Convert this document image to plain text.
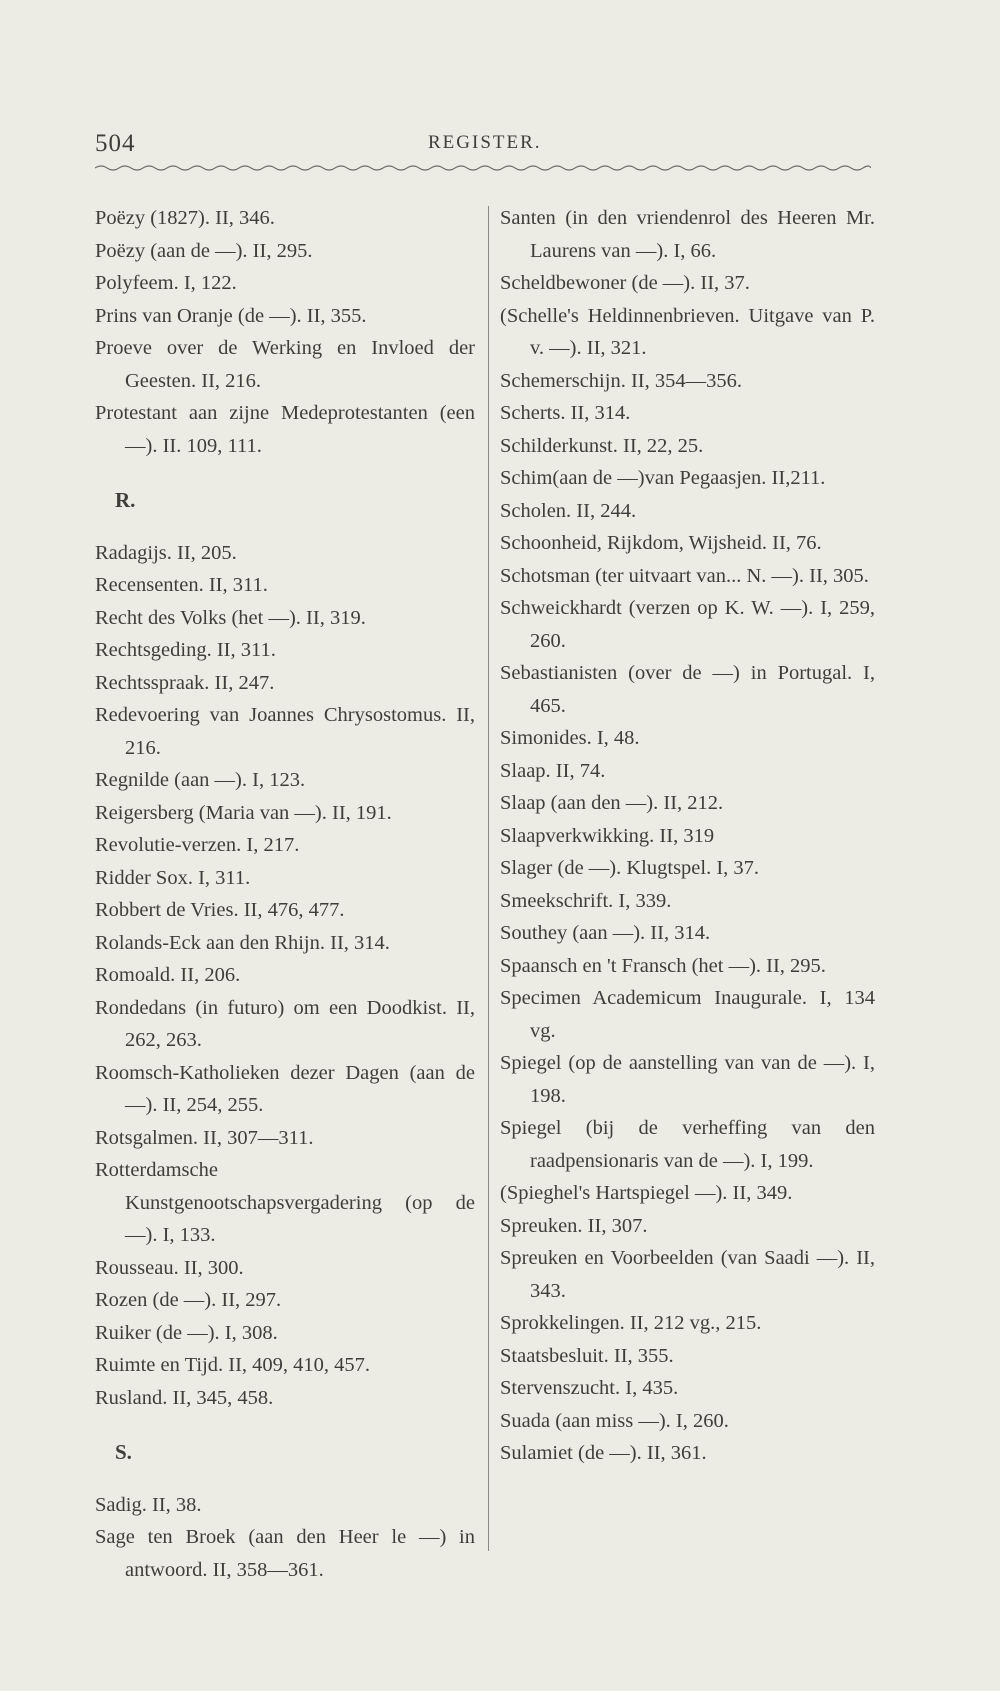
504	REGISTER.

Poëzy (1827). II, 346.

Poëzy (aan de —). II, 295.

Polyfeem. I, 122.

Prins van Oranje (de —). II, 355.

Proeve over de Werking en Invloed der Geesten. II, 216.

Protestant aan zijne Medeprotestanten (een —). II. 109, 111.

R.

Radagijs. II, 205.

Recensenten. II, 311.

Recht des Volks (het —). II, 319.

Rechtsgeding. II, 311.

Rechtsspraak. II, 247.

Redevoering van Joannes Chrysostomus. II, 216.

Regnilde (aan —). I, 123.

Reigersberg (Maria van —). II, 191.

Revolutie-verzen. I, 217.

Ridder Sox. I, 311.

Robbert de Vries. II, 476, 477.

Rolands-Eck aan den Rhijn. II, 314.

Romoald. II, 206.

Rondedans (in futuro) om een Doodkist. II, 262, 263.

Roomsch-Katholieken dezer Dagen (aan de —). II, 254, 255.

Rotsgalmen. II, 307—311.

Rotterdamsche Kunstgenootschapsvergadering (op de —). I, 133.

Rousseau. II, 300.

Rozen (de —). II, 297.

Ruiker (de —). I, 308.

Ruimte en Tijd. II, 409, 410, 457.

Rusland. II, 345, 458.

S.

Sadig. II, 38.

Sage ten Broek (aan den Heer le —) in antwoord. II, 358—361.

Santen (in den vriendenrol des Heeren Mr. Laurens van —). I, 66.

Scheldbewoner (de —). II, 37.

(Schelle's Heldinnenbrieven. Uitgave van P. v. —). II, 321.

Schemerschijn. II, 354—356.

Scherts. II, 314.

Schilderkunst. II, 22, 25.

Schim(aan de —)van Pegaasjen. II,211.

Scholen. II, 244.

Schoonheid, Rijkdom, Wijsheid. II, 76.

Schotsman (ter uitvaart van... N. —). II, 305.

Schweickhardt (verzen op K. W. —). I, 259, 260.

Sebastianisten (over de —) in Portugal. I, 465.

Simonides. I, 48.

Slaap. II, 74.

Slaap (aan den —). II, 212.

Slaapverkwikking. II, 319

Slager (de —). Klugtspel. I, 37.

Smeekschrift. I, 339.

Southey (aan —). II, 314.

Spaansch en 't Fransch (het —). II, 295.

Specimen Academicum Inaugurale. I, 134 vg.

Spiegel (op de aanstelling van van de —). I, 198.

Spiegel (bij de verheffing van den raadpensionaris van de —). I, 199.

(Spieghel's Hartspiegel —). II, 349.

Spreuken. II, 307.

Spreuken en Voorbeelden (van Saadi —). II, 343.

Sprokkelingen. II, 212 vg., 215.

Staatsbesluit. II, 355.

Stervenszucht. I, 435.

Suada (aan miss —). I, 260.

Sulamiet (de —). II, 361.
